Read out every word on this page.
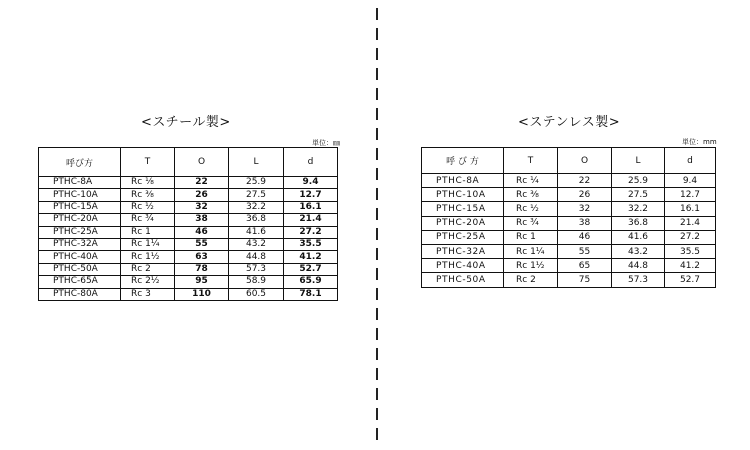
<スチール製>
単位：㎜
呼び方	T	O	L	d
PTHC-8A	Rc ⅛	22	25.9	9.4
PTHC-10A	Rc ⅜	26	27.5	12.7
PTHC-15A	Rc ½	32	32.2	16.1
PTHC-20A	Rc ¾	38	36.8	21.4
PTHC-25A	Rc 1	46	41.6	27.2
PTHC-32A	Rc 1¼	55	43.2	35.5
PTHC-40A	Rc 1½	63	44.8	41.2
PTHC-50A	Rc 2	78	57.3	52.7
PTHC-65A	Rc 2½	95	58.9	65.9
PTHC-80A	Rc 3	110	60.5	78.1
<ステンレス製>
単位：mm
呼 び 方	T	O	L	d
PTHC-8A	Rc ¼	22	25.9	9.4
PTHC-10A	Rc ⅜	26	27.5	12.7
PTHC-15A	Rc ½	32	32.2	16.1
PTHC-20A	Rc ¾	38	36.8	21.4
PTHC-25A	Rc 1	46	41.6	27.2
PTHC-32A	Rc 1¼	55	43.2	35.5
PTHC-40A	Rc 1½	65	44.8	41.2
PTHC-50A	Rc 2	75	57.3	52.7
